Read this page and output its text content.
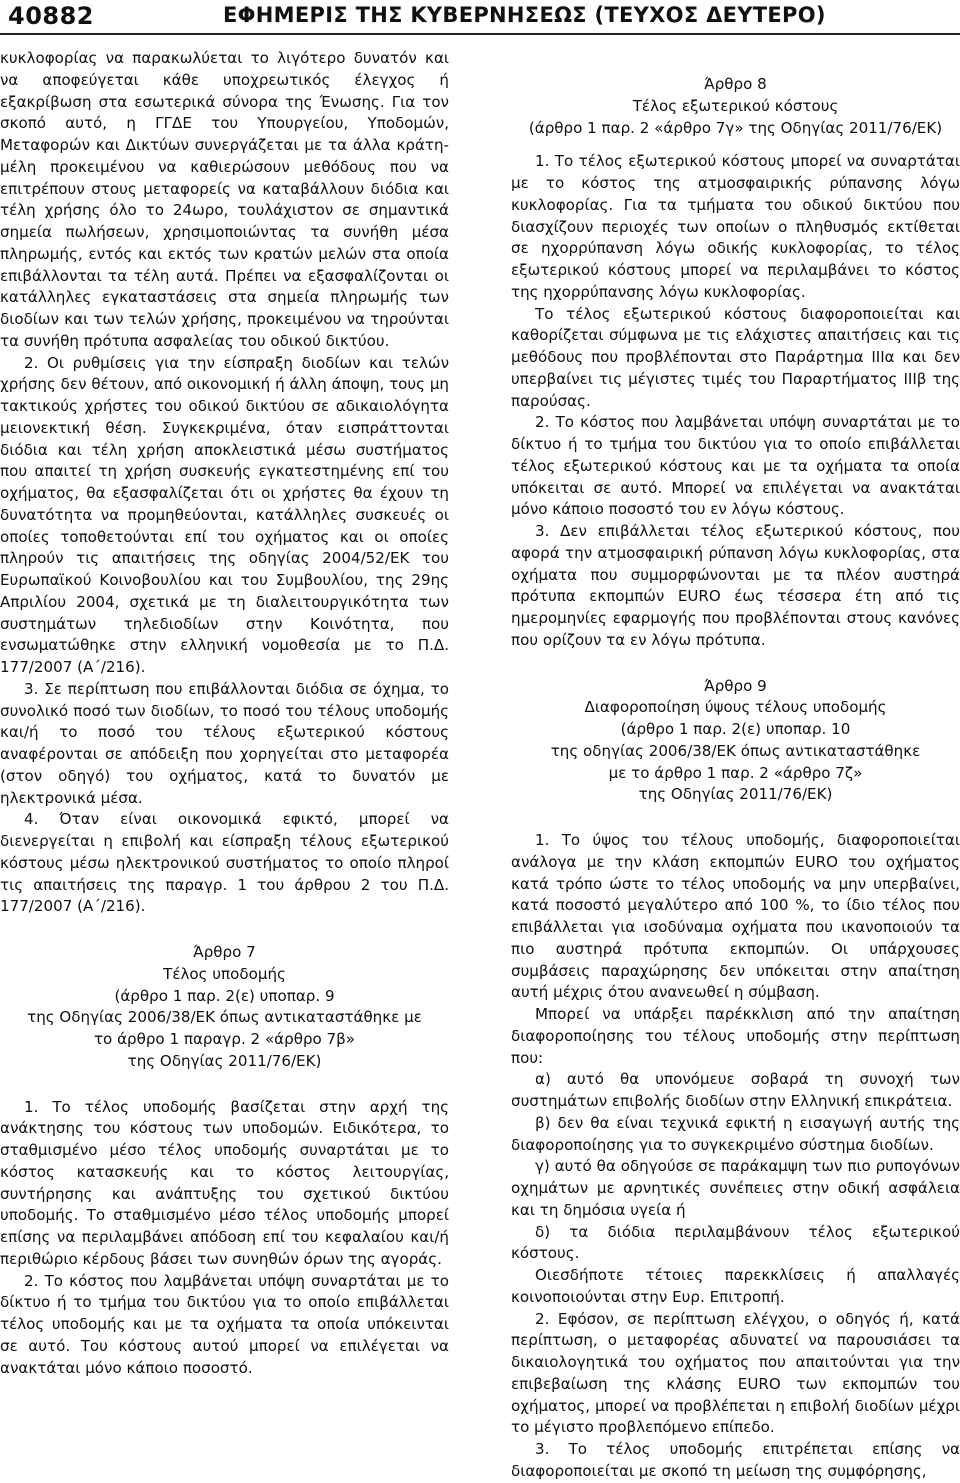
40882	ΕΦΗΜΕΡΙΣ ΤΗΣ ΚΥΒΕΡΝΗΣΕΩΣ (ΤΕΥΧΟΣ ΔΕΥΤΕΡΟ)

κυκλοφορίας να παρακωλύεται το λιγότερο δυνατόν και να αποφεύγεται κάθε υποχρεωτικός έλεγχος ή εξακρίβωση στα εσωτερικά σύνορα της Ένωσης. Για τον σκοπό αυτό, η ΓΓΔΕ του Υπουργείου, Υποδομών, Μεταφορών και Δικτύων συνεργάζεται με τα άλλα κράτη-μέλη προκειμένου να καθιερώσουν μεθόδους που να επιτρέπουν στους μεταφορείς να καταβάλλουν διόδια και τέλη χρήσης όλο το 24ωρο, τουλάχιστον σε σημαντικά σημεία πωλήσεων, χρησιμοποιώντας τα συνήθη μέσα πληρωμής, εντός και εκτός των κρατών μελών στα οποία επιβάλλονται τα τέλη αυτά. Πρέπει να εξασφαλίζονται οι κατάλληλες εγκαταστάσεις στα σημεία πληρωμής των διοδίων και των τελών χρήσης, προκειμένου να τηρούνται τα συνήθη πρότυπα ασφαλείας του οδικού δικτύου.

2. Οι ρυθμίσεις για την είσπραξη διοδίων και τελών χρήσης δεν θέτουν, από οικονομική ή άλλη άποψη, τους μη τακτικούς χρήστες του οδικού δικτύου σε αδικαιολόγητα μειονεκτική θέση. Συγκεκριμένα, όταν εισπράττονται διόδια και τέλη χρήση αποκλειστικά μέσω συστήματος που απαιτεί τη χρήση συσκευής εγκατεστημένης επί του οχήματος, θα εξασφαλίζεται ότι οι χρήστες θα έχουν τη δυνατότητα να προμηθεύονται, κατάλληλες συσκευές οι οποίες τοποθετούνται επί του οχήματος και οι οποίες πληρούν τις απαιτήσεις της οδηγίας 2004/52/ΕΚ του Ευρωπαϊκού Κοινοβουλίου και του Συμβουλίου, της 29ης Απριλίου 2004, σχετικά με τη διαλειτουργικότητα των συστημάτων τηλεδιοδίων στην Κοινότητα, που ενσωματώθηκε στην ελληνική νομοθεσία με το Π.Δ. 177/2007 (Α΄/216).

3. Σε περίπτωση που επιβάλλονται διόδια σε όχημα, το συνολικό ποσό των διοδίων, το ποσό του τέλους υποδομής και/ή το ποσό του τέλους εξωτερικού κόστους αναφέρονται σε απόδειξη που χορηγείται στο μεταφορέα (στον οδηγό) του οχήματος, κατά το δυνατόν με ηλεκτρονικά μέσα.

4. Όταν είναι οικονομικά εφικτό, μπορεί να διενεργείται η επιβολή και είσπραξη τέλους εξωτερικού κόστους μέσω ηλεκτρονικού συστήματος το οποίο πληροί τις απαιτήσεις της παραγρ. 1 του άρθρου 2 του Π.Δ. 177/2007 (Α΄/216).

Άρθρο 7
Τέλος υποδομής
(άρθρο 1 παρ. 2(ε) υποπαρ. 9
της Οδηγίας 2006/38/ΕΚ όπως αντικαταστάθηκε με
το άρθρο 1 παραγρ. 2 «άρθρο 7β»
της Οδηγίας 2011/76/ΕΚ)

1. Το τέλος υποδομής βασίζεται στην αρχή της ανάκτησης του κόστους των υποδομών. Ειδικότερα, το σταθμισμένο μέσο τέλος υποδομής συναρτάται με το κόστος κατασκευής και το κόστος λειτουργίας, συντήρησης και ανάπτυξης του σχετικού δικτύου υποδομής. Το σταθμισμένο μέσο τέλος υποδομής μπορεί επίσης να περιλαμβάνει απόδοση επί του κεφαλαίου και/ή περιθώριο κέρδους βάσει των συνηθών όρων της αγοράς.

2. Το κόστος που λαμβάνεται υπόψη συναρτάται με το δίκτυο ή το τμήμα του δικτύου για το οποίο επιβάλλεται τέλος υποδομής και με τα οχήματα τα οποία υπόκεινται σε αυτό. Του κόστους αυτού μπορεί να επιλέγεται να ανακτάται μόνο κάποιο ποσοστό.

Άρθρο 8
Τέλος εξωτερικού κόστους
(άρθρο 1 παρ. 2 «άρθρο 7γ» της Οδηγίας 2011/76/ΕΚ)

1. Το τέλος εξωτερικού κόστους μπορεί να συναρτάται με το κόστος της ατμοσφαιρικής ρύπανσης λόγω κυκλοφορίας. Για τα τμήματα του οδικού δικτύου που διασχίζουν περιοχές των οποίων ο πληθυσμός εκτίθεται σε ηχορρύπανση λόγω οδικής κυκλοφορίας, το τέλος εξωτερικού κόστους μπορεί να περιλαμβάνει το κόστος της ηχορρύπανσης λόγω κυκλοφορίας.

Το τέλος εξωτερικού κόστους διαφοροποιείται και καθορίζεται σύμφωνα με τις ελάχιστες απαιτήσεις και τις μεθόδους που προβλέπονται στο Παράρτημα IIIα και δεν υπερβαίνει τις μέγιστες τιμές του Παραρτήματος IIIβ της παρούσας.

2. Το κόστος που λαμβάνεται υπόψη συναρτάται με το δίκτυο ή το τμήμα του δικτύου για το οποίο επιβάλλεται τέλος εξωτερικού κόστους και με τα οχήματα τα οποία υπόκειται σε αυτό. Μπορεί να επιλέγεται να ανακτάται μόνο κάποιο ποσοστό του εν λόγω κόστους.

3. Δεν επιβάλλεται τέλος εξωτερικού κόστους, που αφορά την ατμοσφαιρική ρύπανση λόγω κυκλοφορίας, στα οχήματα που συμμορφώνονται με τα πλέον αυστηρά πρότυπα εκπομπών EURO έως τέσσερα έτη από τις ημερομηνίες εφαρμογής που προβλέπονται στους κανόνες που ορίζουν τα εν λόγω πρότυπα.

Άρθρο 9
Διαφοροποίηση ύψους τέλους υποδομής
(άρθρο 1 παρ. 2(ε) υποπαρ. 10
της οδηγίας 2006/38/ΕΚ όπως αντικαταστάθηκε
με το άρθρο 1 παρ. 2 «άρθρο 7ζ»
της Οδηγίας 2011/76/ΕΚ)

1. Το ύψος του τέλους υποδομής, διαφοροποιείται ανάλογα με την κλάση εκπομπών EURO του οχήματος κατά τρόπο ώστε το τέλος υποδομής να μην υπερβαίνει, κατά ποσοστό μεγαλύτερο από 100 %, το ίδιο τέλος που επιβάλλεται για ισοδύναμα οχήματα που ικανοποιούν τα πιο αυστηρά πρότυπα εκπομπών. Οι υπάρχουσες συμβάσεις παραχώρησης δεν υπόκειται στην απαίτηση αυτή μέχρις ότου ανανεωθεί η σύμβαση.

Μπορεί να υπάρξει παρέκκλιση από την απαίτηση διαφοροποίησης του τέλους υποδομής στην περίπτωση που:

α) αυτό θα υπονόμευε σοβαρά τη συνοχή των συστημάτων επιβολής διοδίων στην Ελληνική επικράτεια.

β) δεν θα είναι τεχνικά εφικτή η εισαγωγή αυτής της διαφοροποίησης για το συγκεκριμένο σύστημα διοδίων.

γ) αυτό θα οδηγούσε σε παράκαμψη των πιο ρυπογόνων οχημάτων με αρνητικές συνέπειες στην οδική ασφάλεια και τη δημόσια υγεία ή

δ) τα διόδια περιλαμβάνουν τέλος εξωτερικού κόστους.

Οιεσδήποτε τέτοιες παρεκκλίσεις ή απαλλαγές κοινοποιούνται στην Ευρ. Επιτροπή.

2. Εφόσον, σε περίπτωση ελέγχου, ο οδηγός ή, κατά περίπτωση, ο μεταφορέας αδυνατεί να παρουσιάσει τα δικαιολογητικά του οχήματος που απαιτούνται για την επιβεβαίωση της κλάσης EURO των εκπομπών του οχήματος, μπορεί να προβλέπεται η επιβολή διοδίων μέχρι το μέγιστο προβλεπόμενο επίπεδο.

3. Το τέλος υποδομής επιτρέπεται επίσης να διαφοροποιείται με σκοπό τη μείωση της συμφόρησης,
